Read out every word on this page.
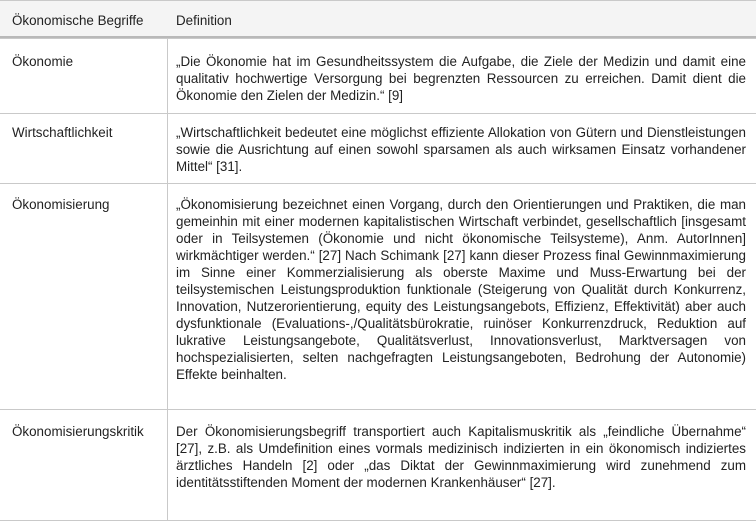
Ökonomische Begriffe	Definition
Ökonomie	„Die Ökonomie hat im Gesundheitssystem die Aufgabe, die Ziele der Medizin und damit eine qualitativ hochwertige Versorgung bei begrenzten Ressourcen zu erreichen. Damit dient die Ökonomie den Zielen der Medizin.“ [9]
Wirtschaftlichkeit	„Wirtschaftlichkeit bedeutet eine möglichst effiziente Allokation von Gütern und Dienstleistungen sowie die Ausrichtung auf einen sowohl sparsamen als auch wirksamen Einsatz vorhandener Mittel“ [31].
Ökonomisierung	„Ökonomisierung bezeichnet einen Vorgang, durch den Orientierungen und Praktiken, die man gemeinhin mit einer modernen kapitalistischen Wirtschaft verbindet, gesellschaftlich [insgesamt oder in Teilsystemen (Ökonomie und nicht ökonomische Teilsysteme), Anm. AutorInnen] wirkmächtiger werden.“ [27] Nach Schimank [27] kann dieser Prozess final Gewinnmaximierung im Sinne einer Kommerzialisierung als oberste Maxime und Muss-Erwartung bei der teilsystemischen Leistungsproduktion funktionale (Steigerung von Qualität durch Konkurrenz, Innovation, Nutzerorientierung, equity des Leistungsangebots, Effizienz, Effektivität) aber auch dysfunktionale (Evaluations-,/Qualitätsbürokratie, ruinöser Konkurrenzdruck, Reduktion auf lukrative Leistungsangebote, Qualitätsverlust, Innovationsverlust, Marktversagen von hochspezialisierten, selten nachgefragten Leistungsangeboten, Bedrohung der Autonomie) Effekte beinhalten.
Ökonomisierungskritik	Der Ökonomisierungsbegriff transportiert auch Kapitalismuskritik als „feindliche Übernahme“ [27], z.B. als Umdefinition eines vormals medizinisch indizierten in ein ökonomisch indiziertes ärztliches Handeln [2] oder „das Diktat der Gewinnmaximierung wird zunehmend zum identitätsstiftenden Moment der modernen Krankenhäuser“ [27].
